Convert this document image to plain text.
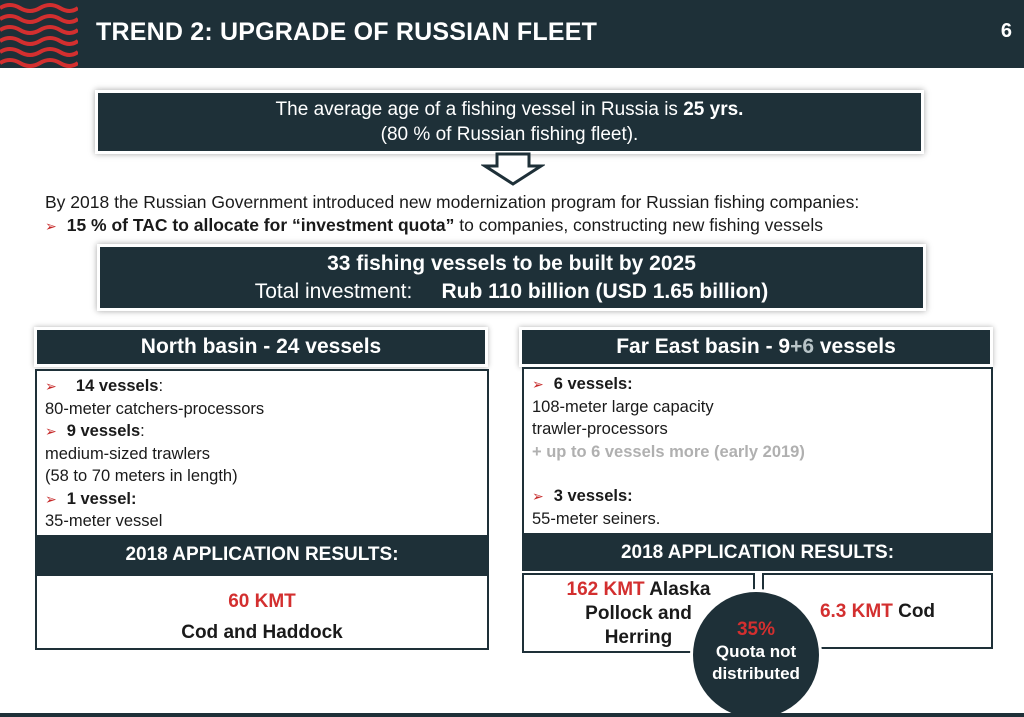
TREND 2: UPGRADE OF RUSSIAN FLEET	6
The average age of a fishing vessel in Russia is 25 yrs.
(80 % of Russian fishing fleet).
By 2018 the Russian Government introduced new modernization program for Russian fishing companies:
➢ 15 % of TAC to allocate for “investment quota” to companies, constructing new fishing vessels
33 fishing vessels to be built by 2025
Total investment: Rub 110 billion (USD 1.65 billion)
North basin - 24 vessels
➢ 14 vessels:
80-meter catchers-processors
➢ 9 vessels:
medium-sized trawlers
(58 to 70 meters in length)
➢ 1 vessel:
35-meter vessel
2018 APPLICATION RESULTS:
60 KMT
Cod and Haddock
Far East basin - 9+6 vessels
➢ 6 vessels:
108-meter large capacity
trawler-processors
+ up to 6 vessels more (early 2019)
➢ 3 vessels:
55-meter seiners.
2018 APPLICATION RESULTS:
162 KMT Alaska
Pollock and
Herring
6.3 KMT Cod
35%
Quota not
distributed
